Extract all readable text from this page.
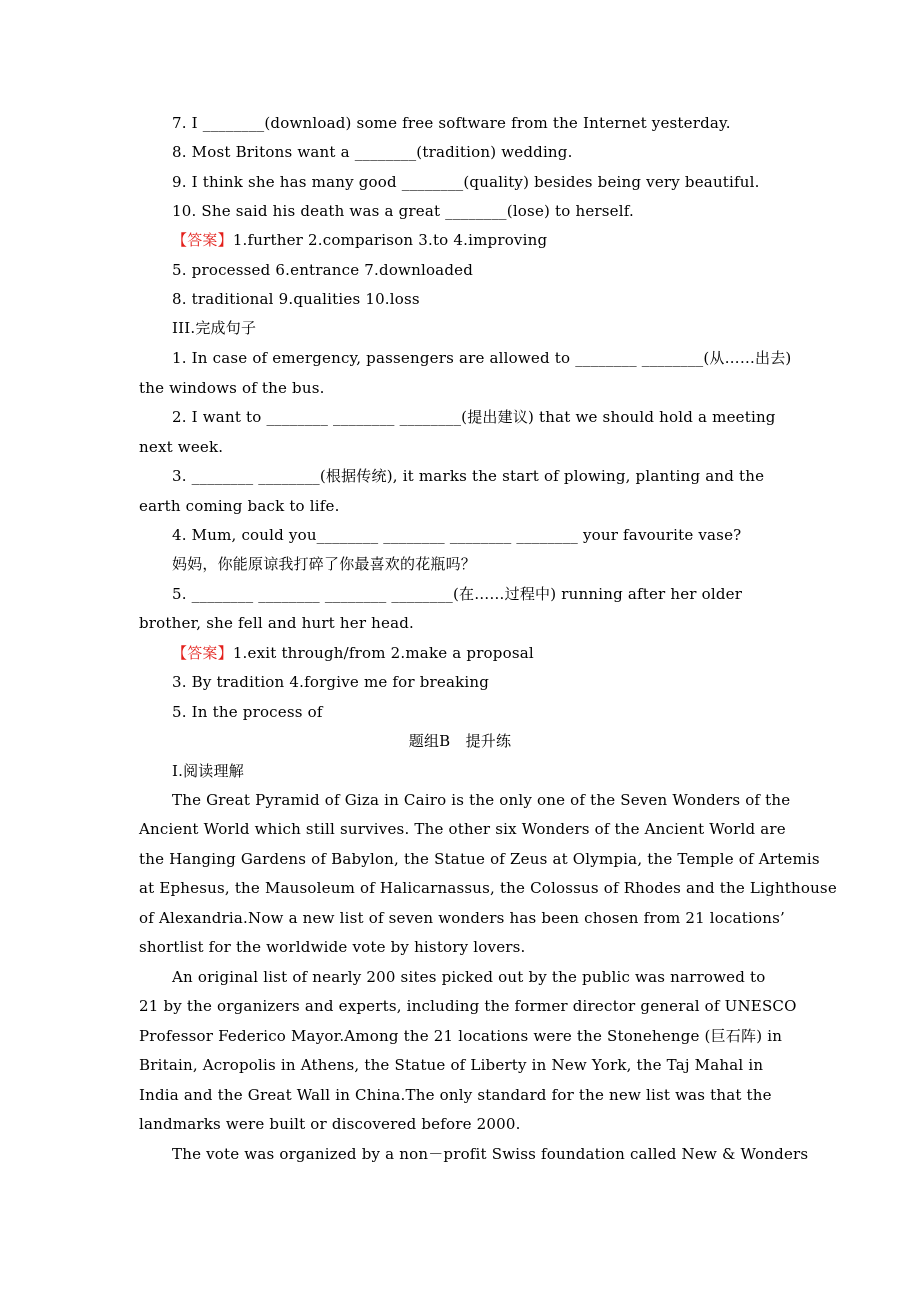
7. I ________(download) some free software from the Internet yesterday.
8. Most Britons want a ________(tradition) wedding.
9. I think she has many good ________(quality) besides being very beautiful.
10. She said his death was a great ________(lose) to herself.
【答案】1.further 2.comparison 3.to 4.improving
5. processed 6.entrance 7.downloaded
8. traditional 9.qualities 10.loss
III.完成句子
1. In case of emergency, passengers are allowed to ________ ________(从……出去)
the windows of the bus.
2. I want to ________ ________ ________(提出建议) that we should hold a meeting
next week.
3. ________ ________(根据传统), it marks the start of plowing, planting and the
earth coming back to life.
4. Mum, could you________ ________ ________ ________ your favourite vase?
妈妈，你能原谅我打碎了你最喜欢的花瓶吗？
5. ________ ________ ________ ________(在……过程中) running after her older
brother, she fell and hurt her head.
【答案】1.exit through/from 2.make a proposal
3. By tradition 4.forgive me for breaking
5. In the process of
题组B　提升练
Ⅰ.阅读理解
The Great Pyramid of Giza in Cairo is the only one of the Seven Wonders of the
Ancient World which still survives. The other six Wonders of the Ancient World are
the Hanging Gardens of Babylon, the Statue of Zeus at Olympia, the Temple of Artemis
at Ephesus, the Mausoleum of Halicarnassus, the Colossus of Rhodes and the Lighthouse
of Alexandria.Now a new list of seven wonders has been chosen from 21 locations’
shortlist for the worldwide vote by history lovers.
An original list of nearly 200 sites picked out by the public was narrowed to
21 by the organizers and experts, including the former director general of UNESCO
Professor Federico Mayor.Among the 21 locations were the Stonehenge (巨石阵) in
Britain, Acropolis in Athens, the Statue of Liberty in New York, the Taj Mahal in
India and the Great Wall in China.The only standard for the new list was that the
landmarks were built or discovered before 2000.
The vote was organized by a non－profit Swiss foundation called New & Wonders
